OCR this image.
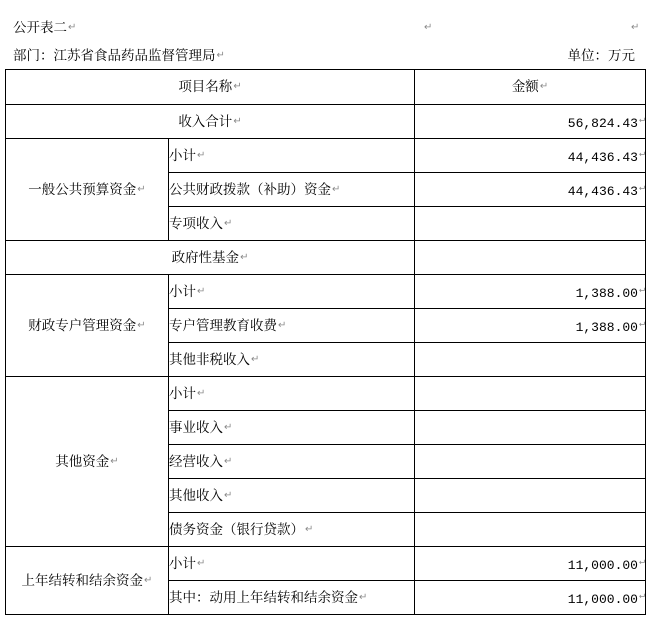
公开表二↵	↵	↵
部门：江苏省食品药品监督管理局↵	单位：万元
项目名称↵		金额↵
收入合计↵		56,824.43↵
一般公共预算资金↵	小计↵	44,436.43↵
	公共财政拨款（补助）资金↵	44,436.43↵
	专项收入↵	
政府性基金↵		
财政专户管理资金↵	小计↵	1,388.00↵
	专户管理教育收费↵	1,388.00↵
	其他非税收入↵	
其他资金↵	小计↵	
	事业收入↵	
	经营收入↵	
	其他收入↵	
	债务资金（银行贷款）↵	
上年结转和结余资金↵	小计↵	11,000.00↵
	其中：动用上年结转和结余资金↵	11,000.00↵
